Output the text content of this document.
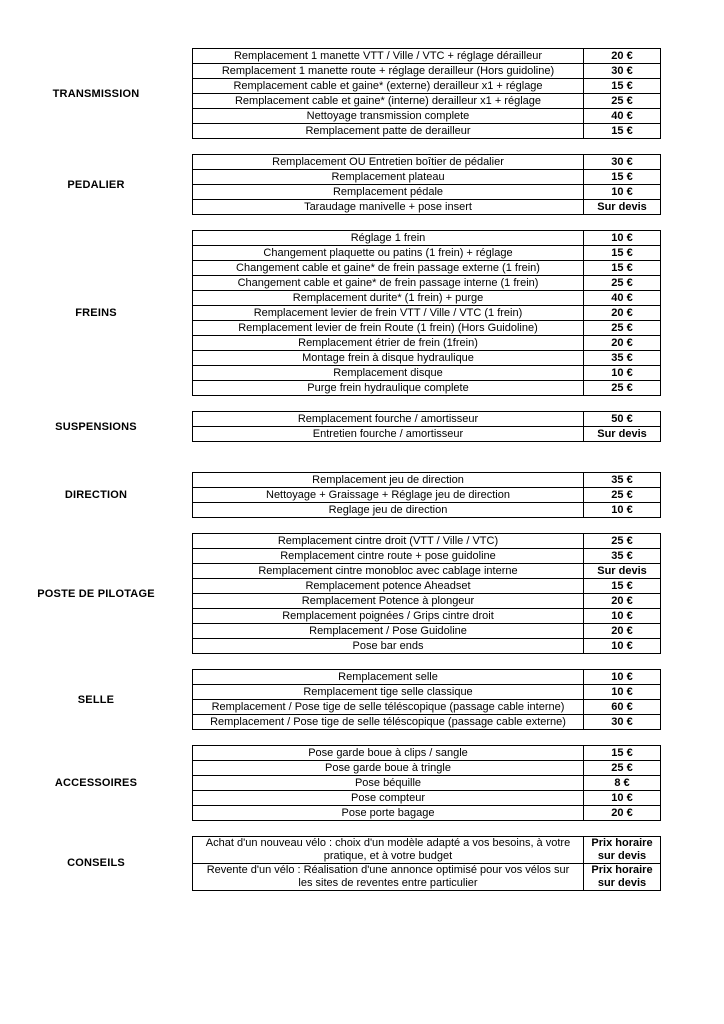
TRANSMISSION
Remplacement 1 manette VTT / Ville / VTC + réglage dérailleur	20 €
Remplacement 1 manette route + réglage derailleur (Hors guidoline)	30 €
Remplacement cable et gaine* (externe) derailleur x1 + réglage	15 €
Remplacement cable et gaine* (interne) derailleur x1 + réglage	25 €
Nettoyage transmission complete	40 €
Remplacement patte de derailleur	15 €
PEDALIER
Remplacement OU Entretien boîtier de pédalier	30 €
Remplacement plateau	15 €
Remplacement pédale	10 €
Taraudage manivelle + pose insert	Sur devis
FREINS
Réglage 1 frein	10 €
Changement plaquette ou patins (1 frein) + réglage	15 €
Changement cable et gaine* de frein passage externe (1 frein)	15 €
Changement cable et gaine* de frein passage interne (1 frein)	25 €
Remplacement durite* (1 frein) + purge	40 €
Remplacement levier de frein VTT / Ville / VTC (1 frein)	20 €
Remplacement levier de frein Route (1 frein) (Hors Guidoline)	25 €
Remplacement étrier de frein (1frein)	20 €
Montage frein à disque hydraulique	35 €
Remplacement disque	10 €
Purge frein hydraulique complete	25 €
SUSPENSIONS
Remplacement fourche / amortisseur	50 €
Entretien fourche / amortisseur	Sur devis
DIRECTION
Remplacement jeu de direction	35 €
Nettoyage + Graissage + Réglage jeu de direction	25 €
Reglage jeu de direction	10 €
POSTE DE PILOTAGE
Remplacement cintre droit (VTT / Ville / VTC)	25 €
Remplacement cintre route + pose guidoline	35 €
Remplacement cintre monobloc avec cablage interne	Sur devis
Remplacement potence Aheadset	15 €
Remplacement Potence à plongeur	20 €
Remplacement poignées / Grips cintre droit	10 €
Remplacement / Pose Guidoline	20 €
Pose bar ends	10 €
SELLE
Remplacement selle	10 €
Remplacement tige selle classique	10 €
Remplacement / Pose tige de selle téléscopique (passage cable interne)	60 €
Remplacement / Pose tige de selle téléscopique (passage cable externe)	30 €
ACCESSOIRES
Pose garde boue à clips / sangle	15 €
Pose garde boue à tringle	25 €
Pose béquille	8 €
Pose compteur	10 €
Pose porte bagage	20 €
CONSEILS
Achat d'un nouveau vélo : choix d'un modèle adapté a vos besoins, à votre pratique, et à votre budget	Prix horaire sur devis
Revente d'un vélo : Réalisation d'une annonce optimisé pour vos vélos sur les sites de reventes entre particulier	Prix horaire sur devis
